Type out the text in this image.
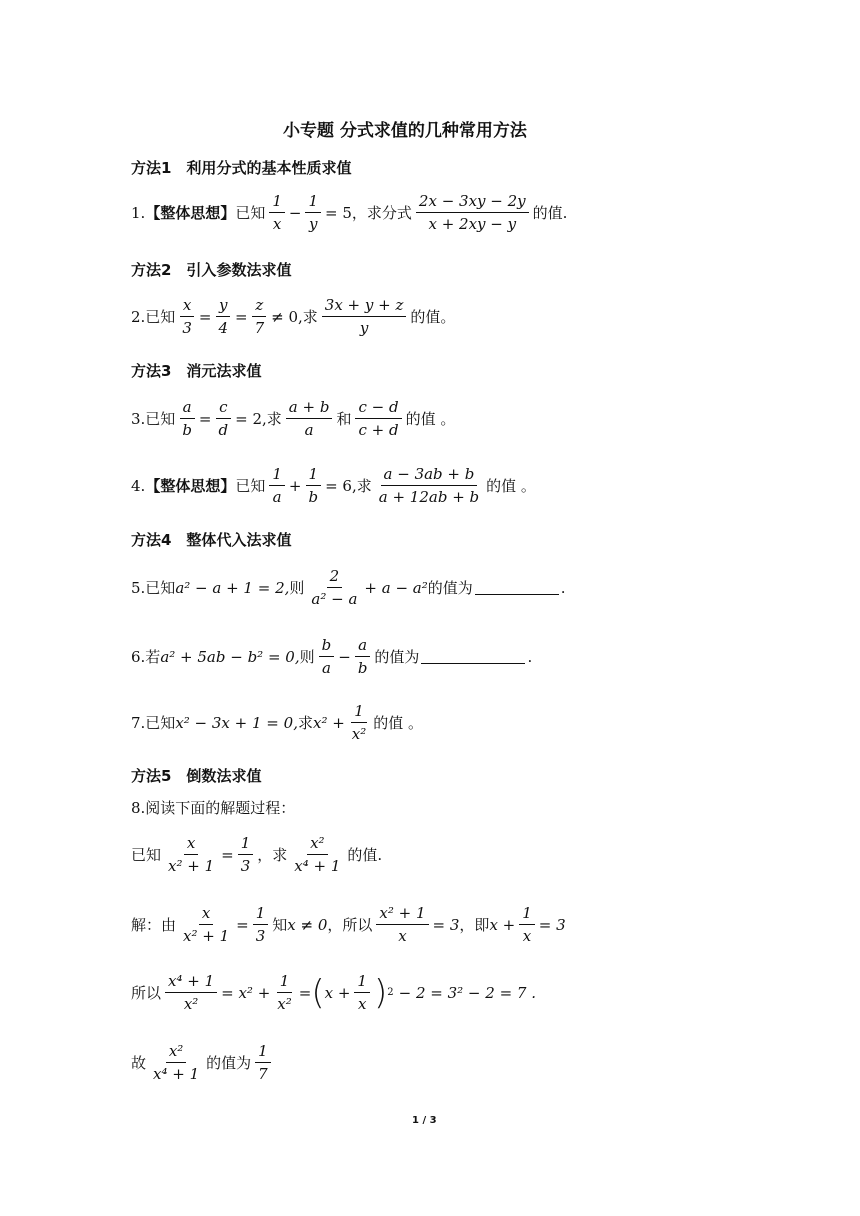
小专题 分式求值的几种常用方法
方法1　利用分式的基本性质求值
1. 【整体思想】 已知 $\frac{1}{x} - \frac{1}{y} = 5$， 求分式 $\frac{2x - 3xy - 2y}{x + 2xy - y}$ 的值.
方法2　引入参数法求值
2.已知 $\frac{x}{3} = \frac{y}{4} = \frac{z}{7} \ne 0$, 求 $\frac{3x + y + z}{y}$ 的值。
方法3　消元法求值
3.已知 $\frac{a}{b} = \frac{c}{d} = 2$, 求 $\frac{a + b}{a}$ 和 $\frac{c - d}{c + d}$ 的值 。
4. 【整体思想】 已知 $\frac{1}{a} + \frac{1}{b} = 6$, 求 $\frac{a - 3ab + b}{a + 12ab + b}$ 的值 。
方法4　整体代入法求值
5.已知 a² − a + 1 = 2, 则 $\frac{2}{\text{a² − a}} + a - a^2$ 的值为	.
6.若 a² + 5ab − b² = 0, 则 $\frac{b}{a} - \frac{a}{b}$ 的值为	.
7.已知 x² − 3x + 1 = 0, 求 $x^2 + \frac{1}{\text{x²}}$ 的值 。
方法5　倒数法求值
8.阅读下面的解题过程：
已知 $\frac{x}{\text{x² + 1}} = \frac{1}{3}$ ，求 $\frac{\text{x²}}{\text{x⁴ + 1}}$ 的值.
解：由 $\frac{x}{\text{x² + 1}} = \frac{1}{3}$ 知 x ≠ 0 ，所以 $\frac{\text{x² + 1}}{x} = 3$ ，即 $x + \frac{1}{x} = 3$
所以 $\frac{\text{x⁴ + 1}}{\text{x²}} = x^2 + \frac{1}{\text{x²}}$ = ( $x + \frac{1}{x}$ ) 2 − 2 = 3² − 2 = 7 .
故 $\frac{\text{x²}}{\text{x⁴ + 1}}$ 的值为 $\frac{1}{7}$
1 / 3
